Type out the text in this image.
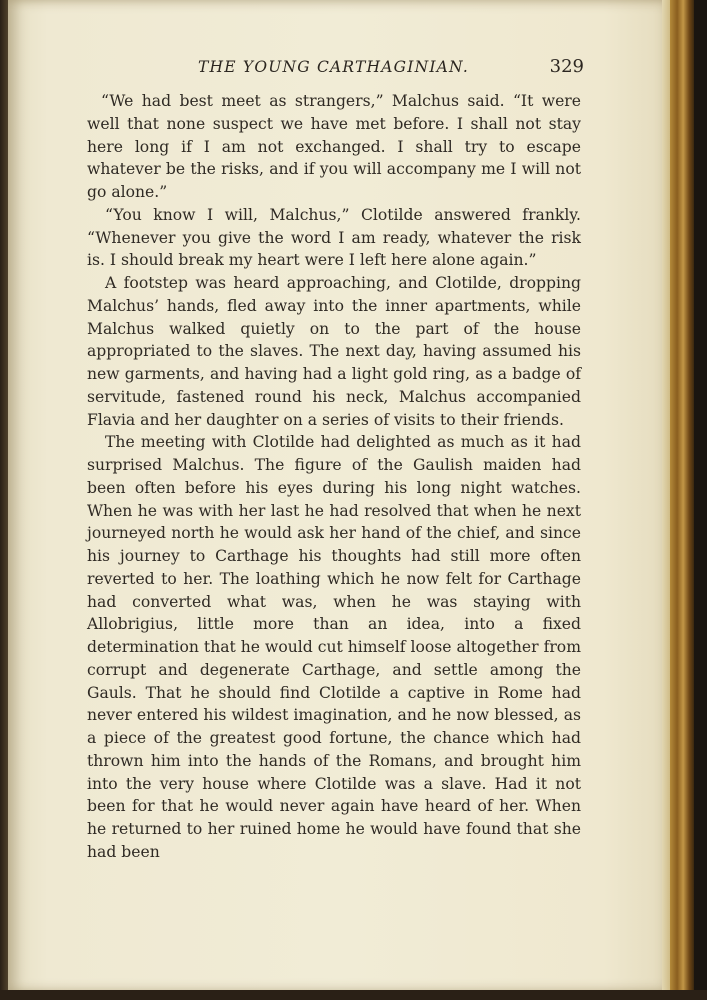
THE YOUNG CARTHAGINIAN.	329

“We had best meet as strangers,” Malchus said. “It were well that none suspect we have met before. I shall not stay here long if I am not exchanged. I shall try to escape whatever be the risks, and if you will accompany me I will not go alone.”

“You know I will, Malchus,” Clotilde answered frankly. “Whenever you give the word I am ready, whatever the risk is. I should break my heart were I left here alone again.”

A footstep was heard approaching, and Clotilde, dropping Malchus’ hands, fled away into the inner apartments, while Malchus walked quietly on to the part of the house appropriated to the slaves. The next day, having assumed his new garments, and having had a light gold ring, as a badge of servitude, fastened round his neck, Malchus accompanied Flavia and her daughter on a series of visits to their friends.

The meeting with Clotilde had delighted as much as it had surprised Malchus. The figure of the Gaulish maiden had been often before his eyes during his long night watches. When he was with her last he had resolved that when he next journeyed north he would ask her hand of the chief, and since his journey to Carthage his thoughts had still more often reverted to her. The loathing which he now felt for Carthage had converted what was, when he was staying with Allobrigius, little more than an idea, into a fixed determination that he would cut himself loose altogether from corrupt and degenerate Carthage, and settle among the Gauls. That he should find Clotilde a captive in Rome had never entered his wildest imagination, and he now blessed, as a piece of the greatest good fortune, the chance which had thrown him into the hands of the Romans, and brought him into the very house where Clotilde was a slave. Had it not been for that he would never again have heard of her. When he returned to her ruined home he would have found that she had been
